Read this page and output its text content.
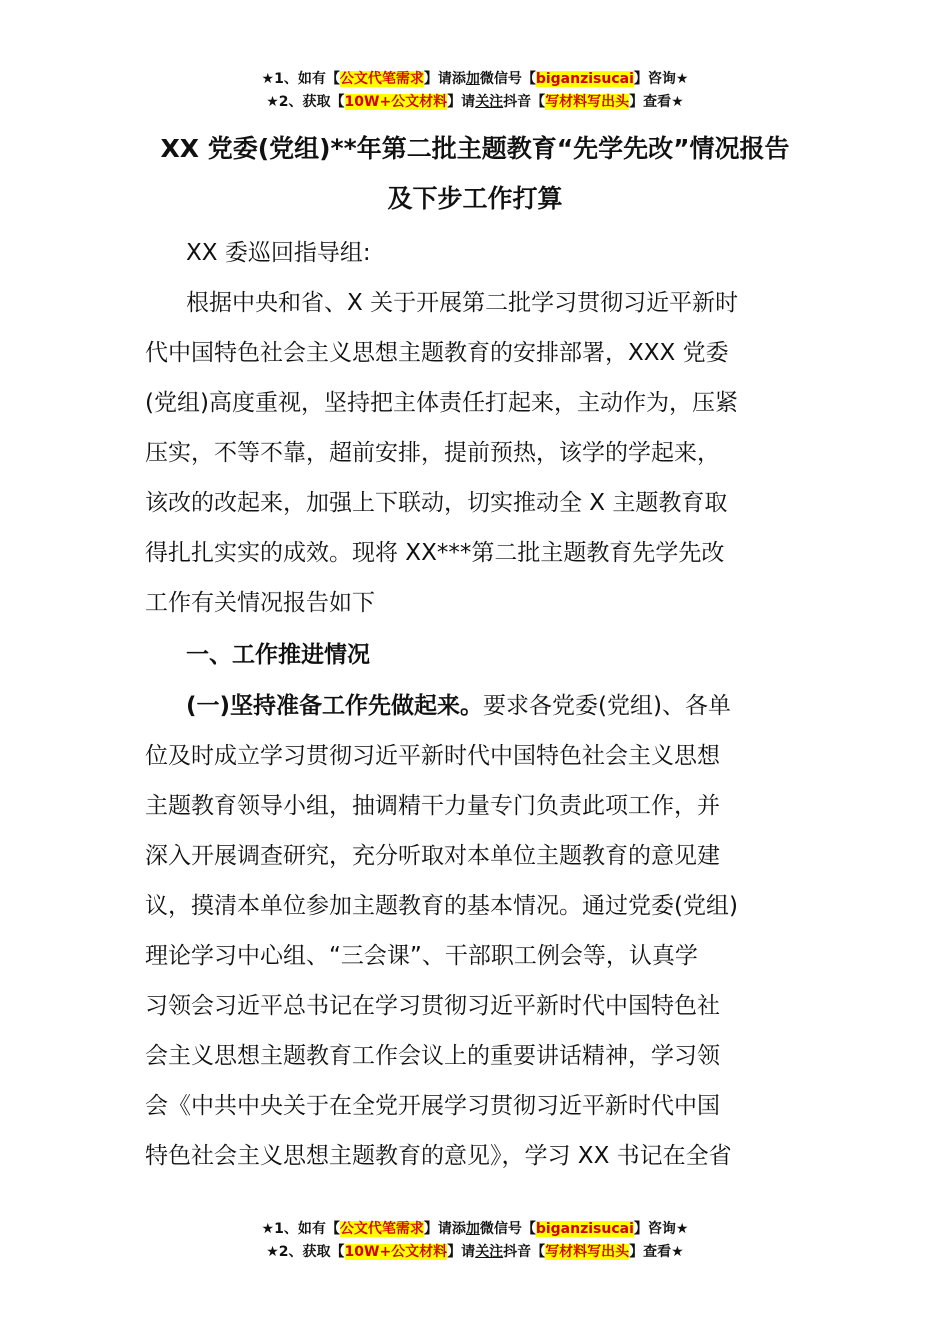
★1、如有【公文代笔需求】请添加微信号【biganzisucai】咨询★
★2、获取【10W+公文材料】请关注抖音【写材料写出头】查看★
XX 党委(党组)**年第二批主题教育“先学先改”情况报告
及下步工作打算
XX 委巡回指导组:
根据中央和省、X 关于开展第二批学习贯彻习近平新时
代中国特色社会主义思想主题教育的安排部署，XXX 党委
(党组)高度重视，坚持把主体责任打起来，主动作为，压紧
压实，不等不靠，超前安排，提前预热，该学的学起来，
该改的改起来，加强上下联动，切实推动全 X 主题教育取
得扎扎实实的成效。现将 XX***第二批主题教育先学先改
工作有关情况报告如下
一、工作推进情况
(一)坚持准备工作先做起来。要求各党委(党组)、各单
位及时成立学习贯彻习近平新时代中国特色社会主义思想
主题教育领导小组，抽调精干力量专门负责此项工作，并
深入开展调查研究，充分听取对本单位主题教育的意见建
议，摸清本单位参加主题教育的基本情况。通过党委(党组)
理论学习中心组、“三会课”、干部职工例会等，认真学
习领会习近平总书记在学习贯彻习近平新时代中国特色社
会主义思想主题教育工作会议上的重要讲话精神，学习领
会《中共中央关于在全党开展学习贯彻习近平新时代中国
特色社会主义思想主题教育的意见》，学习 XX 书记在全省
★1、如有【公文代笔需求】请添加微信号【biganzisucai】咨询★
★2、获取【10W+公文材料】请关注抖音【写材料写出头】查看★
